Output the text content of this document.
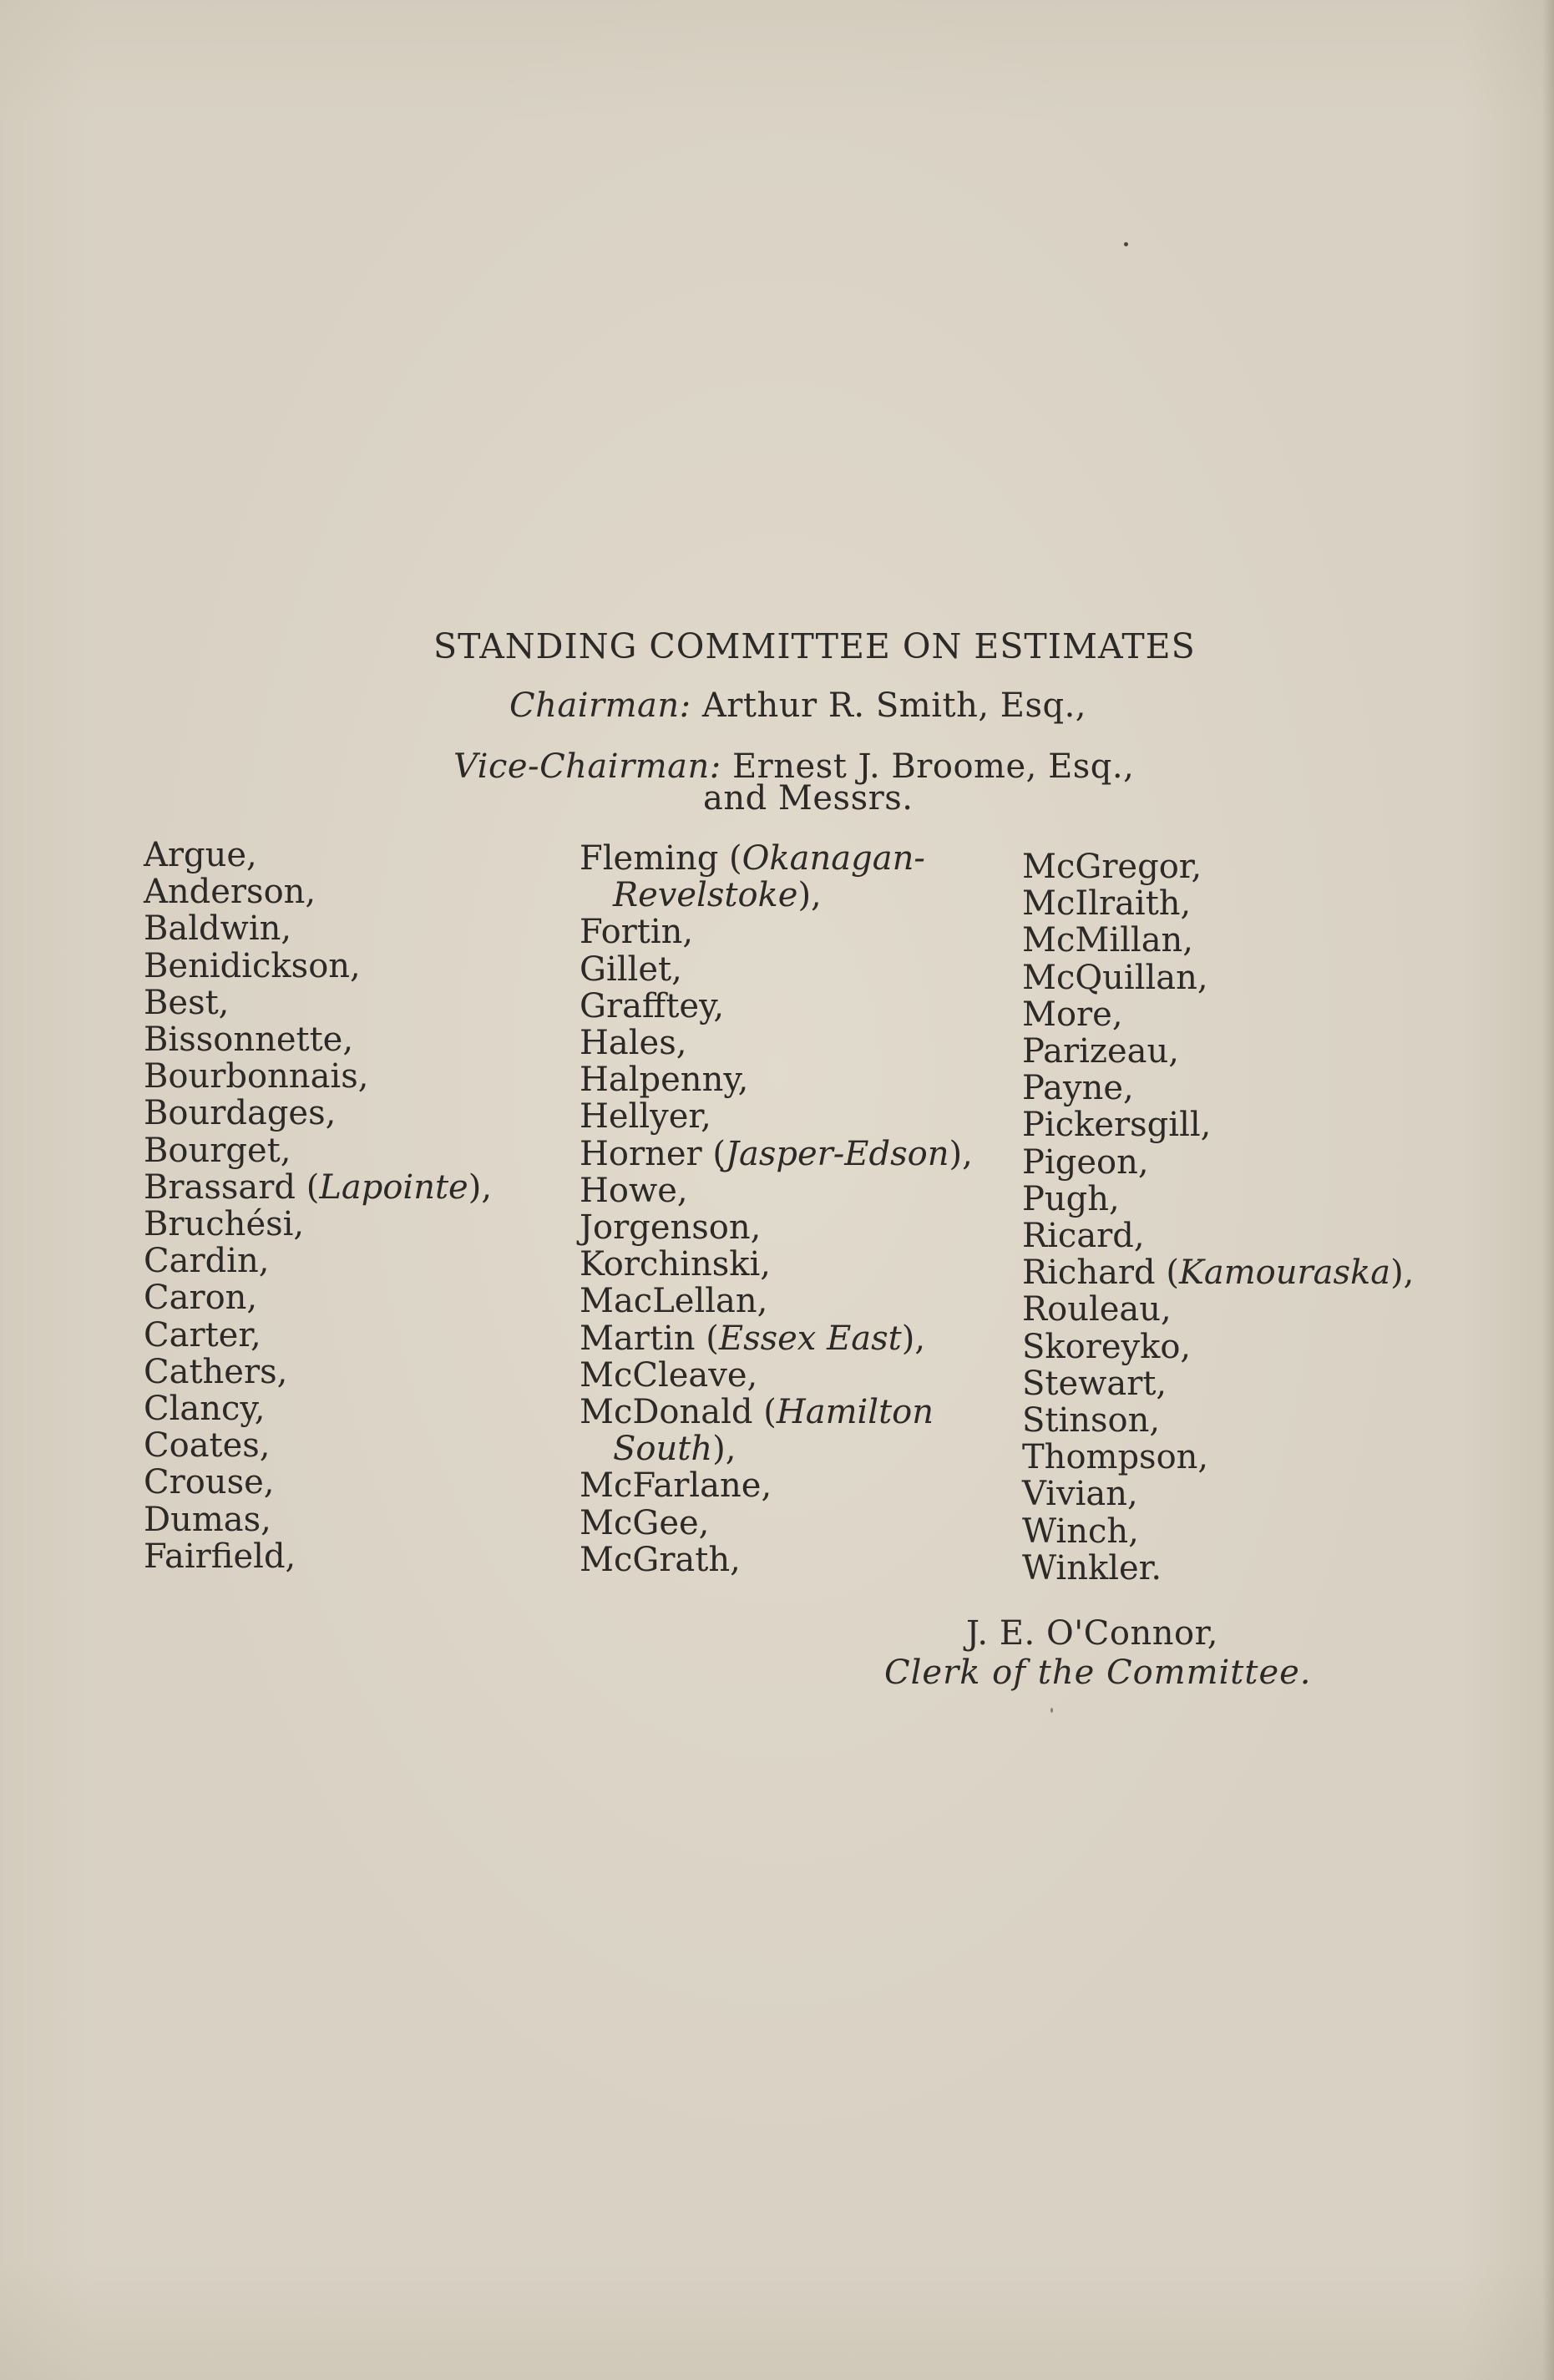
STANDING COMMITTEE ON ESTIMATES
Chairman: Arthur R. Smith, Esq.,
Vice-Chairman: Ernest J. Broome, Esq.,
and Messrs.
Argue,
Anderson,
Baldwin,
Benidickson,
Best,
Bissonnette,
Bourbonnais,
Bourdages,
Bourget,
Brassard (Lapointe),
Bruchési,
Cardin,
Caron,
Carter,
Cathers,
Clancy,
Coates,
Crouse,
Dumas,
Fairfield,
Fleming (Okanagan-
Revelstoke),
Fortin,
Gillet,
Grafftey,
Hales,
Halpenny,
Hellyer,
Horner (Jasper-Edson),
Howe,
Jorgenson,
Korchinski,
MacLellan,
Martin (Essex East),
McCleave,
McDonald (Hamilton
South),
McFarlane,
McGee,
McGrath,
McGregor,
McIlraith,
McMillan,
McQuillan,
More,
Parizeau,
Payne,
Pickersgill,
Pigeon,
Pugh,
Ricard,
Richard (Kamouraska),
Rouleau,
Skoreyko,
Stewart,
Stinson,
Thompson,
Vivian,
Winch,
Winkler.
J. E. O'Connor,
Clerk of the Committee.
